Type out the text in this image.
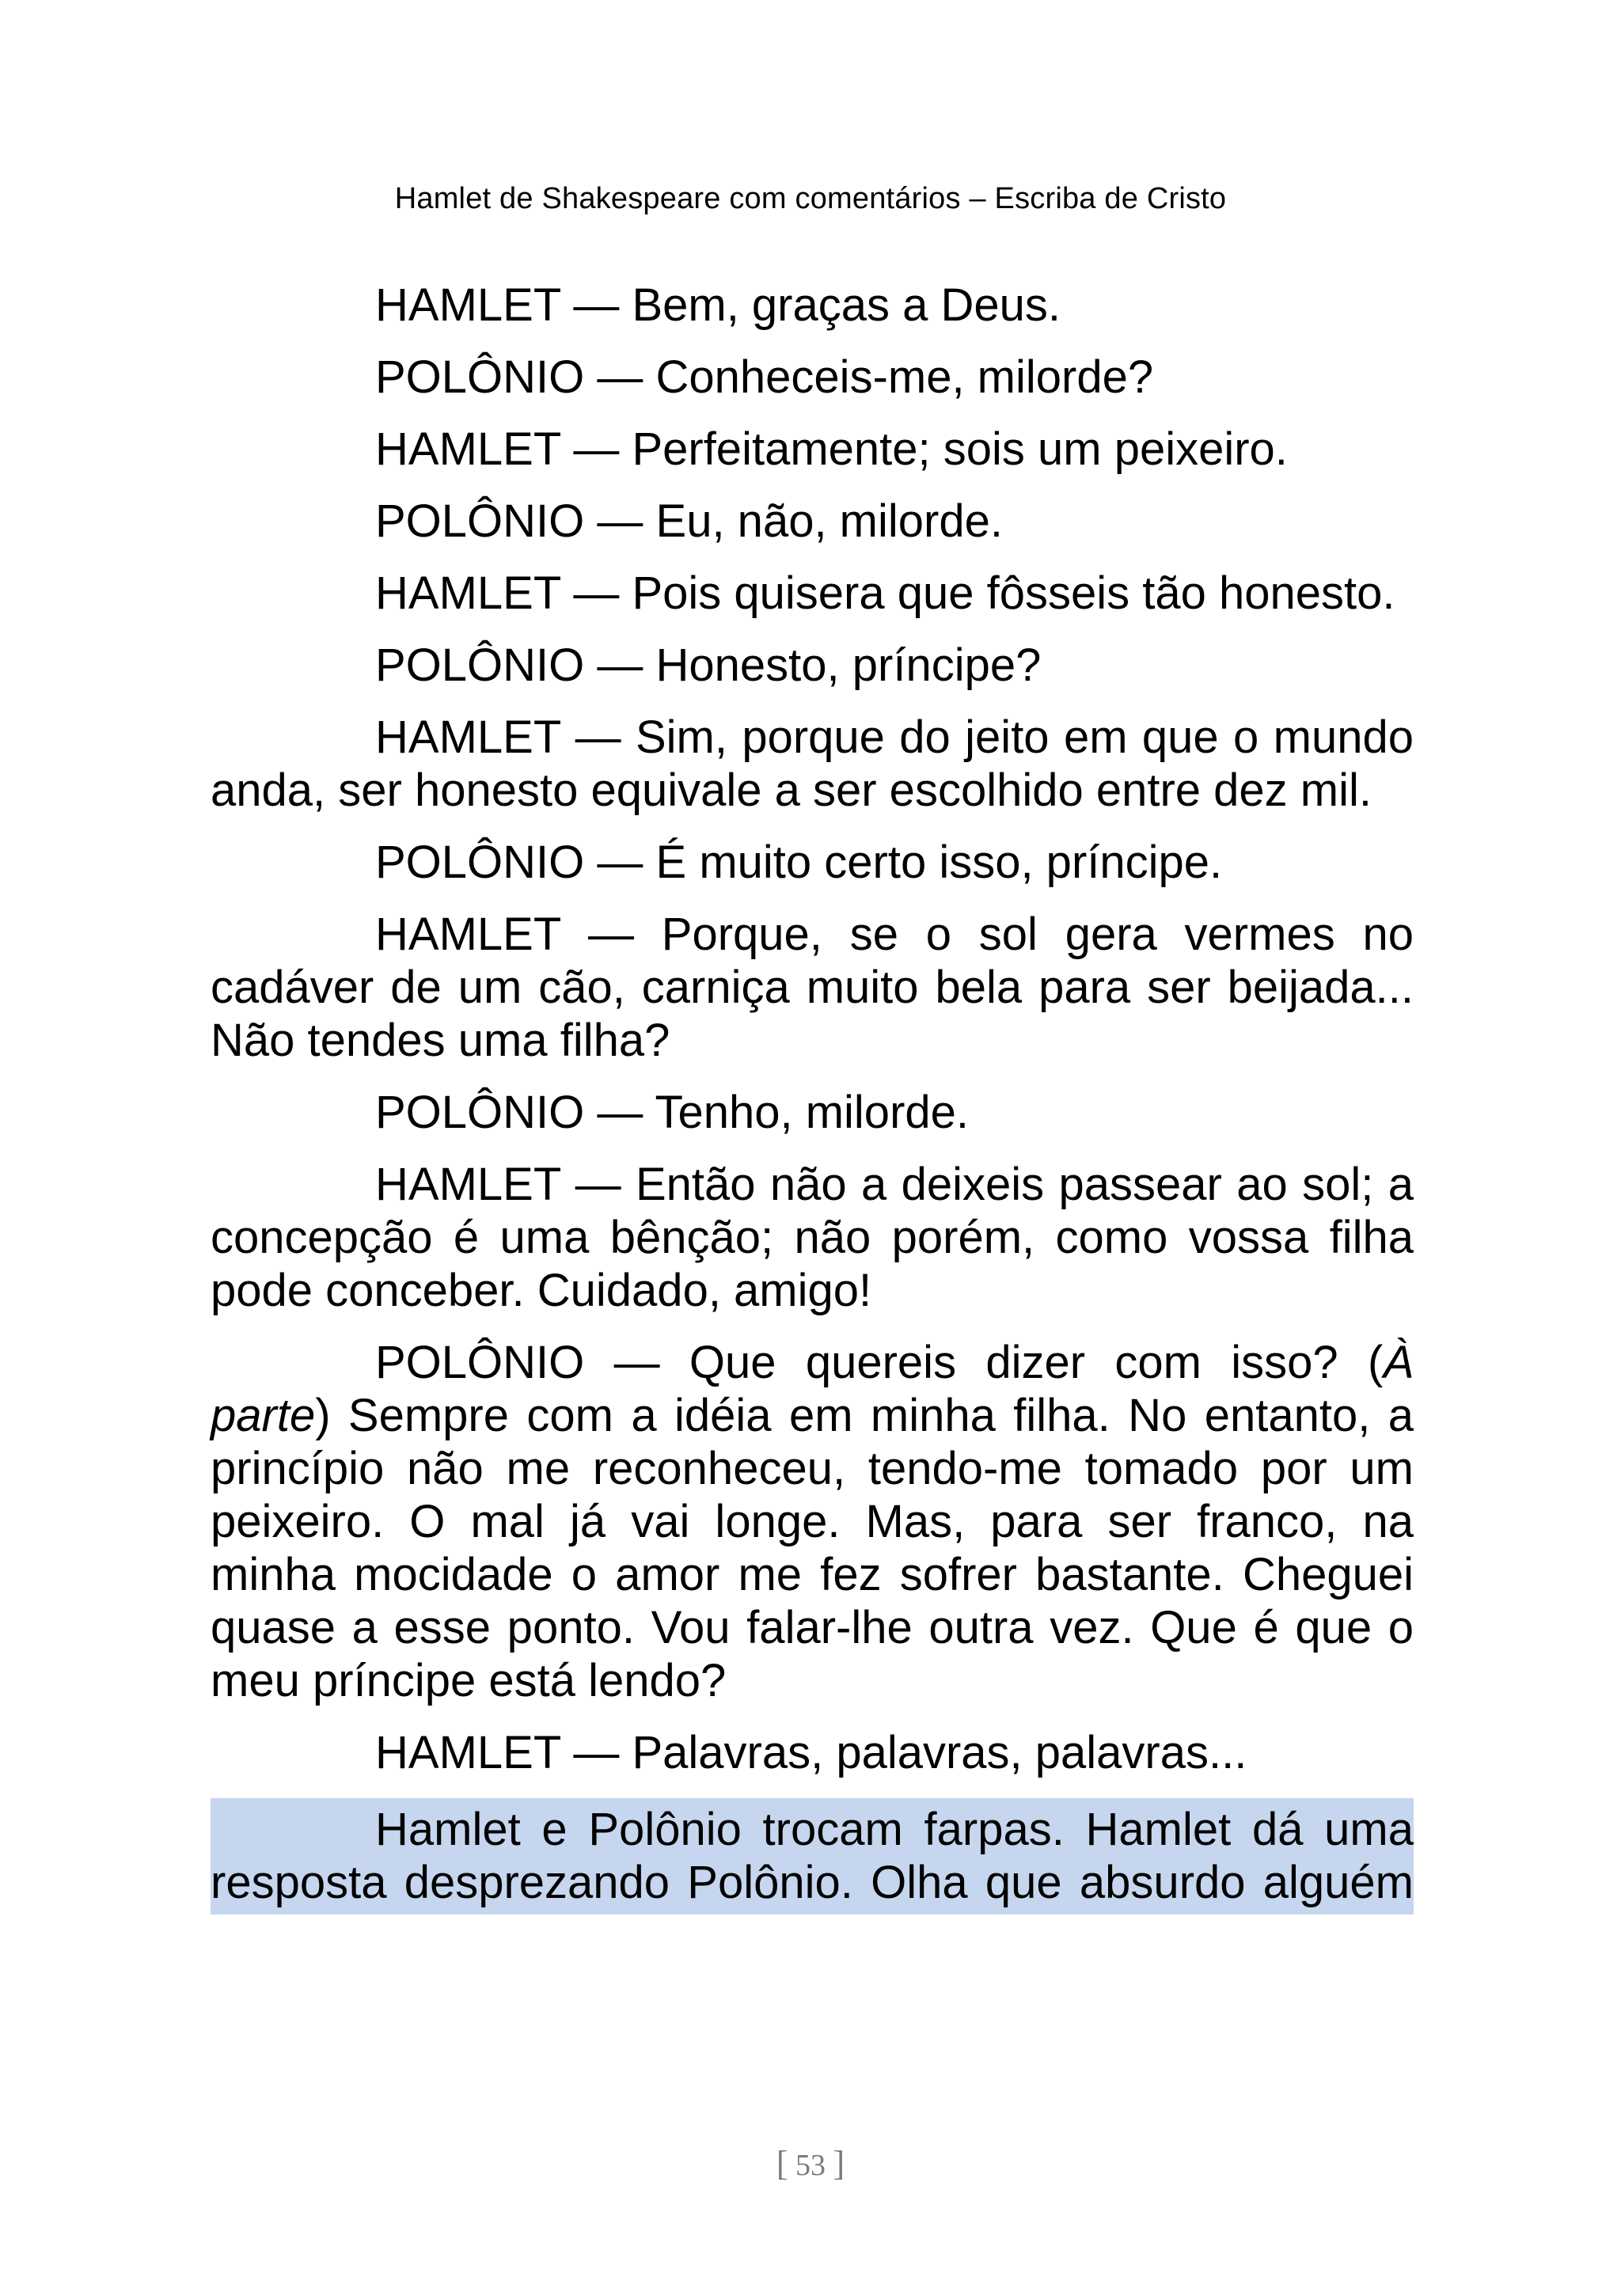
Hamlet de Shakespeare com comentários – Escriba de Cristo

HAMLET — Bem, graças a Deus.

POLÔNIO — Conheceis-me, milorde?

HAMLET — Perfeitamente; sois um peixeiro.

POLÔNIO — Eu, não, milorde.

HAMLET — Pois quisera que fôsseis tão honesto.

POLÔNIO — Honesto, príncipe?

HAMLET — Sim, porque do jeito em que o mundo anda, ser honesto equivale a ser escolhido entre dez mil.

POLÔNIO — É muito certo isso, príncipe.

HAMLET — Porque, se o sol gera vermes no cadáver de um cão, carniça muito bela para ser beijada... Não tendes uma filha?

POLÔNIO — Tenho, milorde.

HAMLET — Então não a deixeis passear ao sol; a concepção é uma bênção; não porém, como vossa filha pode conceber. Cuidado, amigo!

POLÔNIO — Que quereis dizer com isso? (À parte) Sempre com a idéia em minha filha. No entanto, a princípio não me reconheceu, tendo-me tomado por um peixeiro. O mal já vai longe. Mas, para ser franco, na minha mocidade o amor me fez sofrer bastante. Cheguei quase a esse ponto. Vou falar-lhe outra vez. Que é que o meu príncipe está lendo?

HAMLET — Palavras, palavras, palavras...

Hamlet e Polônio trocam farpas. Hamlet dá uma
resposta desprezando Polônio. Olha que absurdo alguém
[ 53 ]
